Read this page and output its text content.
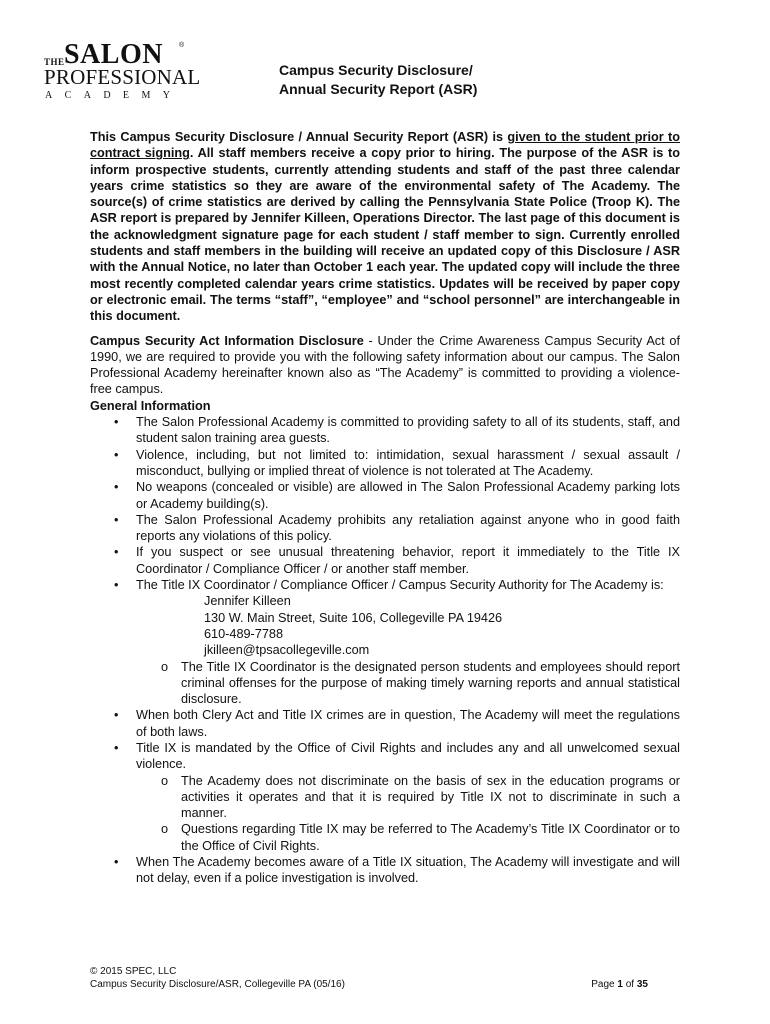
THE SALON ®
PROFESSIONAL
ACADEMY
Campus Security Disclosure/
Annual Security Report (ASR)

This Campus Security Disclosure / Annual Security Report (ASR) is given to the student prior to contract signing. All staff members receive a copy prior to hiring. The purpose of the ASR is to inform prospective students, currently attending students and staff of the past three calendar years crime statistics so they are aware of the environmental safety of The Academy. The source(s) of crime statistics are derived by calling the Pennsylvania State Police (Troop K). The ASR report is prepared by Jennifer Killeen, Operations Director. The last page of this document is the acknowledgment signature page for each student / staff member to sign. Currently enrolled students and staff members in the building will receive an updated copy of this Disclosure / ASR with the Annual Notice, no later than October 1 each year. The updated copy will include the three most recently completed calendar years crime statistics. Updates will be received by paper copy or electronic email. The terms “staff”, “employee” and “school personnel” are interchangeable in this document.

Campus Security Act Information Disclosure - Under the Crime Awareness Campus Security Act of 1990, we are required to provide you with the following safety information about our campus. The Salon Professional Academy hereinafter known also as “The Academy” is committed to providing a violence-free campus.

General Information
• The Salon Professional Academy is committed to providing safety to all of its students, staff, and student salon training area guests.
• Violence, including, but not limited to: intimidation, sexual harassment / sexual assault / misconduct, bullying or implied threat of violence is not tolerated at The Academy.
• No weapons (concealed or visible) are allowed in The Salon Professional Academy parking lots or Academy building(s).
• The Salon Professional Academy prohibits any retaliation against anyone who in good faith reports any violations of this policy.
• If you suspect or see unusual threatening behavior, report it immediately to the Title IX Coordinator / Compliance Officer / or another staff member.
• The Title IX Coordinator / Compliance Officer / Campus Security Authority for The Academy is:
Jennifer Killeen
130 W. Main Street, Suite 106, Collegeville PA 19426
610-489-7788
jkilleen@tpsacollegeville.com
o The Title IX Coordinator is the designated person students and employees should report criminal offenses for the purpose of making timely warning reports and annual statistical disclosure.
• When both Clery Act and Title IX crimes are in question, The Academy will meet the regulations of both laws.
• Title IX is mandated by the Office of Civil Rights and includes any and all unwelcomed sexual violence.
o The Academy does not discriminate on the basis of sex in the education programs or activities it operates and that it is required by Title IX not to discriminate in such a manner.
o Questions regarding Title IX may be referred to The Academy’s Title IX Coordinator or to the Office of Civil Rights.
• When The Academy becomes aware of a Title IX situation, The Academy will investigate and will not delay, even if a police investigation is involved.
© 2015 SPEC, LLC
Campus Security Disclosure/ASR, Collegeville PA (05/16)	Page 1 of 35
